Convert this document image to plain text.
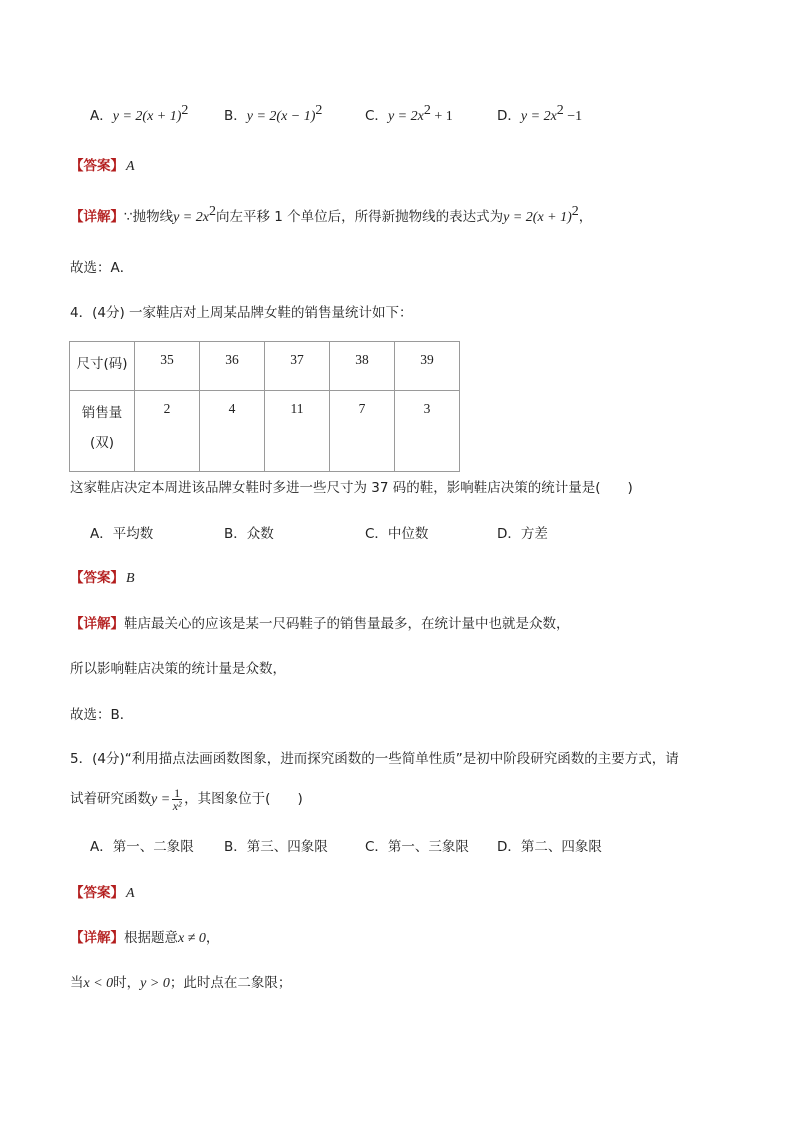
A．$y = 2(x + 1)^2$	B．$y = 2(x - 1)^2$	C．$y = 2x^2 + 1$	D．$y = 2x^2 -1$
【答案】 A
【详解】∵抛物线$y = 2x^2$向左平移 1 个单位后，所得新抛物线的表达式为$y = 2(x + 1)^2$，
故选：A．
4．(4分) 一家鞋店对上周某品牌女鞋的销售量统计如下：
尺寸(码)	35	36	37	38	39

销售量
(双)	2	4	11	7	3
这家鞋店决定本周进该品牌女鞋时多进一些尺寸为 37 码的鞋，影响鞋店决策的统计量是(　　)
A．平均数	B．众数	C．中位数	D．方差
【答案】 B
【详解】鞋店最关心的应该是某一尺码鞋子的销售量最多，在统计量中也就是众数，
所以影响鞋店决策的统计量是众数，
故选：B．
5．(4分)“利用描点法画函数图象，进而探究函数的一些简单性质”是初中阶段研究函数的主要方式，请
试着研究函数$y = \frac{1}{\text{x²}}$ ，其图象位于(　　)
A．第一、二象限 B．第三、四象限	C．第一、三象限 D．第二、四象限
【答案】 A
【详解】根据题意x ≠ 0，
当x < 0时，y > 0；此时点在二象限；
